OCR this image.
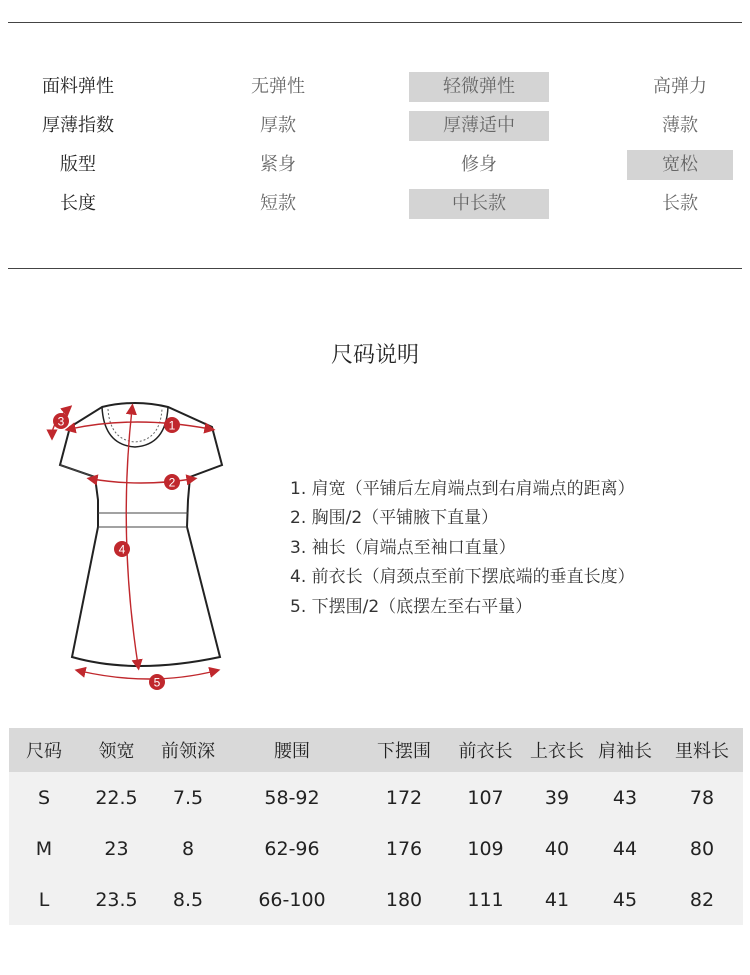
面料弹性	无弹性	轻微弹性	高弹力
厚薄指数	厚款	厚薄适中	薄款
版型	紧身	修身	宽松
长度	短款	中长款	长款
尺码说明
1
2
3
4
5
1. 肩宽（平铺后左肩端点到右肩端点的距离）
2. 胸围/2（平铺腋下直量）
3. 袖长（肩端点至袖口直量）
4. 前衣长（肩颈点至前下摆底端的垂直长度）
5. 下摆围/2（底摆左至右平量）
尺码	领宽	前领深	腰围	下摆围	前衣长	上衣长	肩袖长	里料长
S	22.5	7.5	58-92	172	107	39	43	78
M	23	8	62-96	176	109	40	44	80
L	23.5	8.5	66-100	180	111	41	45	82
